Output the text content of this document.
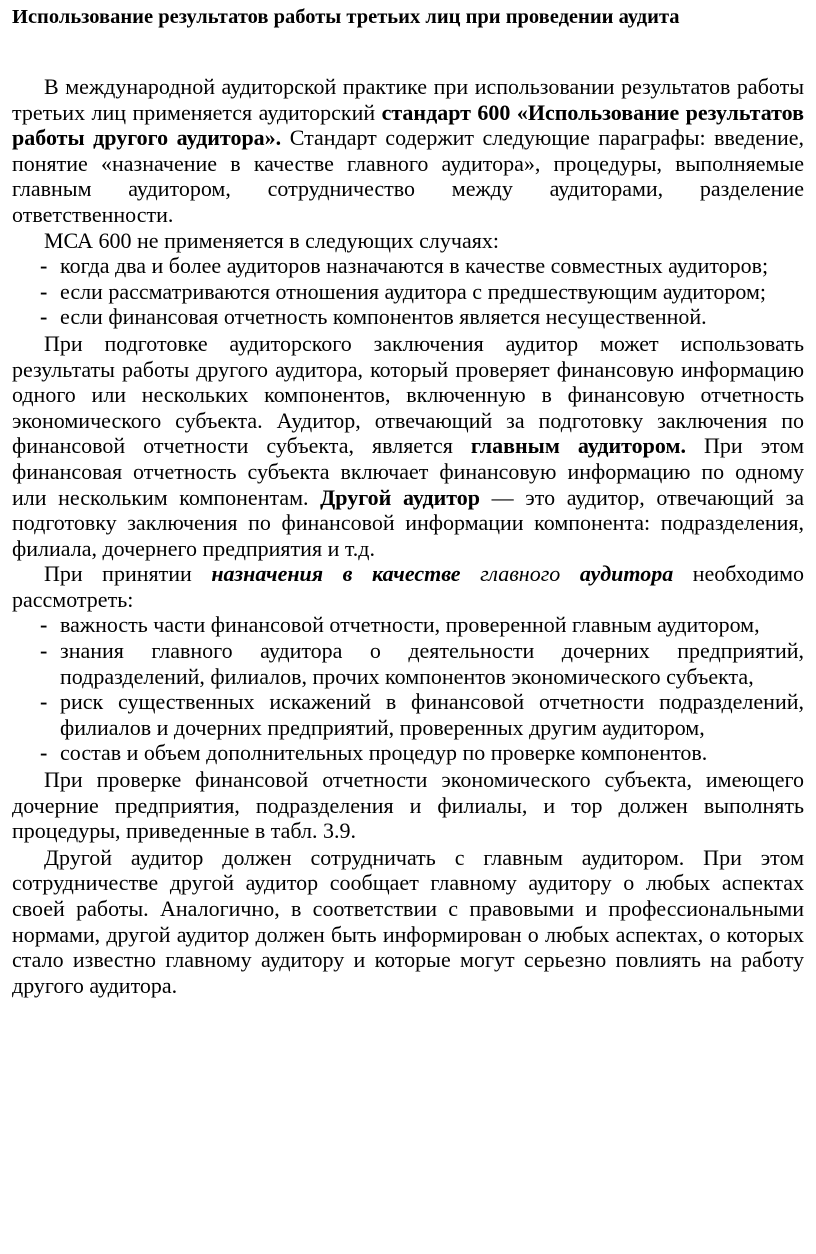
Использование результатов работы третьих лиц при проведении аудита

В международной аудиторской практике при использовании результатов работы третьих лиц применяется аудиторский стандарт 600 «Использование результатов работы другого аудитора». Стандарт содержит следующие параграфы: введение, понятие «назначение в качестве главного аудитора», процедуры, выполняемые главным аудитором, сотрудничество между аудиторами, разделение ответственности.

МСА 600 не применяется в следующих случаях:

- когда два и более аудиторов назначаются в качестве совместных аудиторов;
- если рассматриваются отношения аудитора с предшествующим аудитором;
- если финансовая отчетность компонентов является несущественной.

При подготовке аудиторского заключения аудитор может использовать результаты работы другого аудитора, который проверяет финансовую информацию одного или нескольких компонентов, включенную в финансовую отчетность экономического субъекта. Аудитор, отвечающий за подготовку заключения по финансовой отчетности субъекта, является главным аудитором. При этом финансовая отчетность субъекта включает финансовую информацию по одному или нескольким компонентам. Другой аудитор — это аудитор, отвечающий за подготовку заключения по финансовой информации компонента: подразделения, филиала, дочернего предприятия и т.д.

При принятии назначения в качестве главного аудитора необходимо рассмотреть:

- важность части финансовой отчетности, проверенной главным аудитором,
- знания главного аудитора о деятельности дочерних предприятий, подразделений, филиалов, прочих компонентов экономического субъекта,
- риск существенных искажений в финансовой отчетности подразделений, филиалов и дочерних предприятий, проверенных другим аудитором,
- состав и объем дополнительных процедур по проверке компонентов.

При проверке финансовой отчетности экономического субъекта, имеющего дочерние предприятия, подразделения и филиалы, и тор должен выполнять процедуры, приведенные в табл. 3.9.

Другой аудитор должен сотрудничать с главным аудитором. При этом сотрудничестве другой аудитор сообщает главному аудитору о любых аспектах своей работы. Аналогично, в соответствии с правовыми и профессиональными нормами, другой аудитор должен быть информирован о любых аспектах, о которых стало известно главному аудитору и которые могут серьезно повлиять на работу другого аудитора.
